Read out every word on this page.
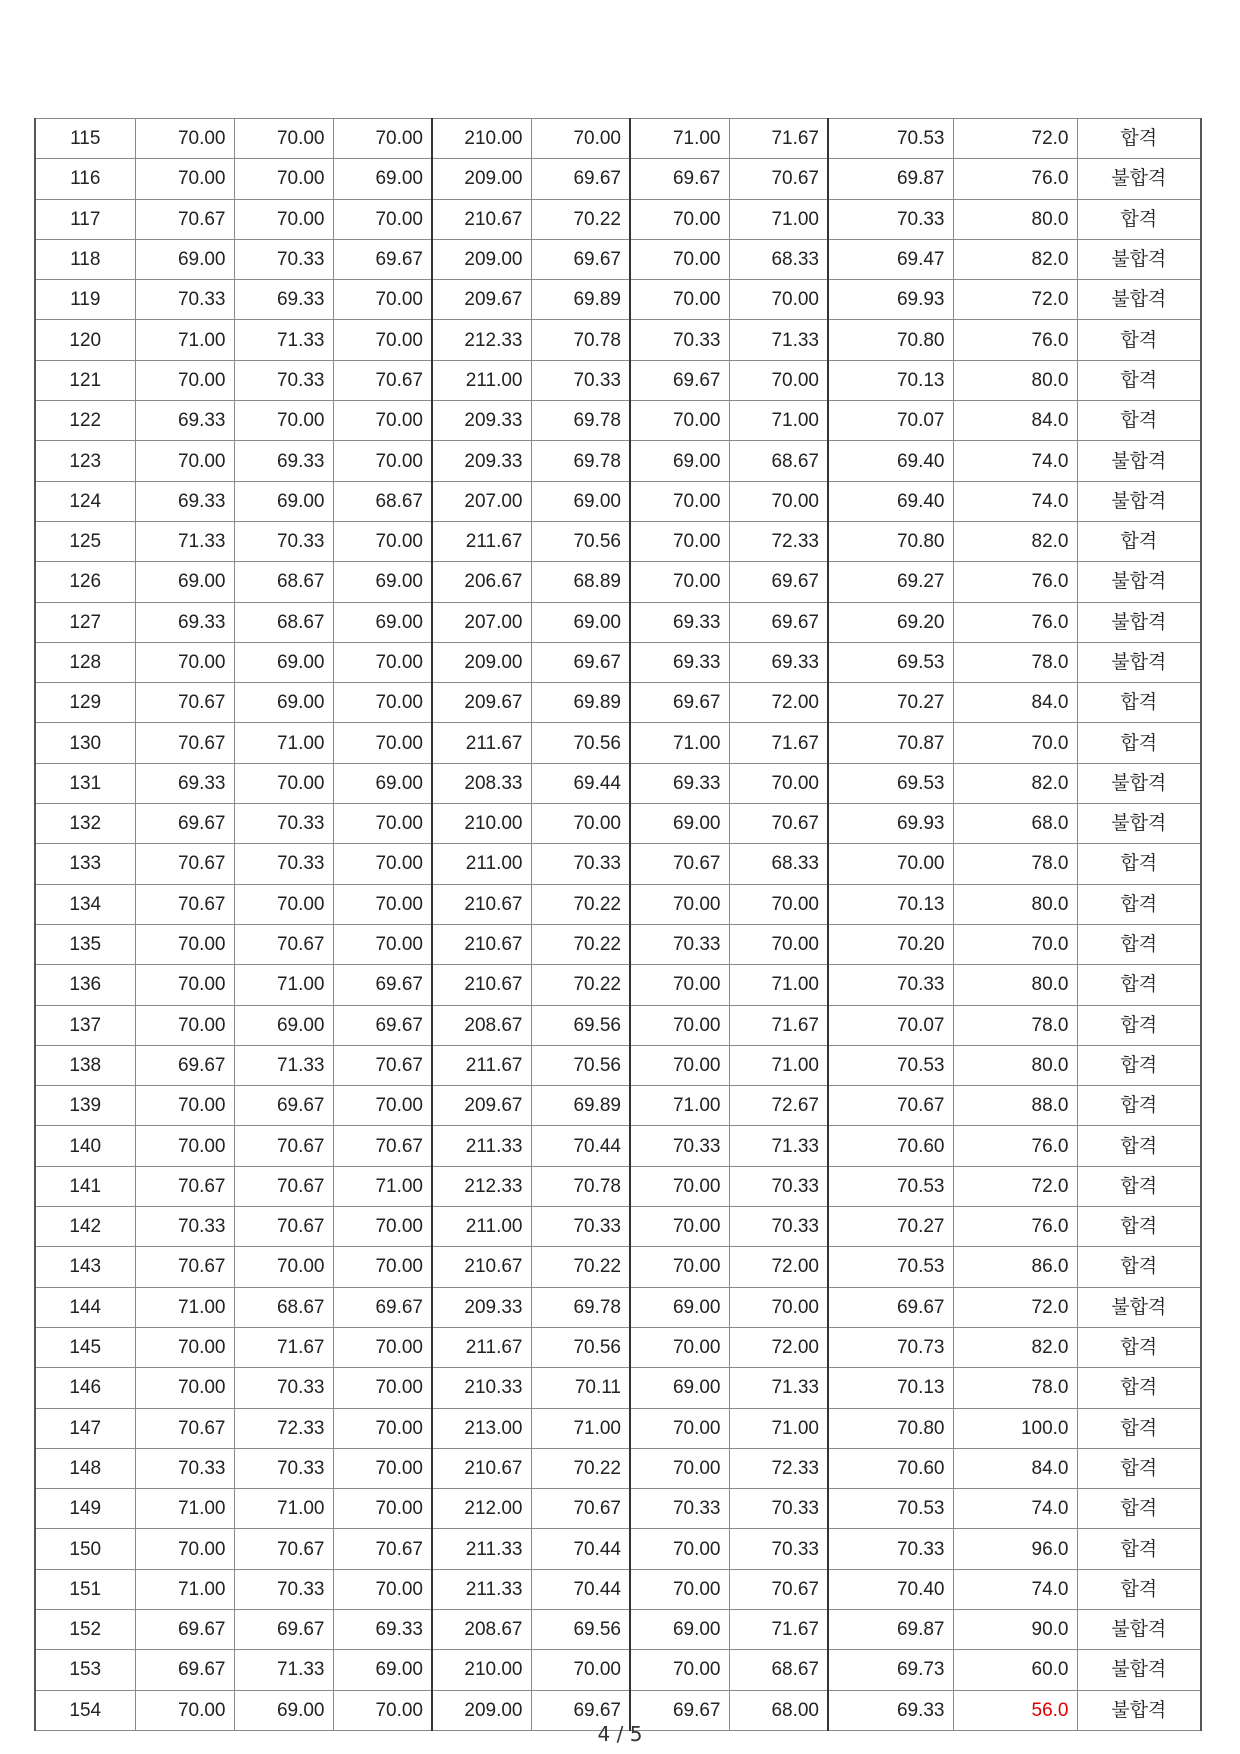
115	70.00	70.00	70.00	210.00	70.00	71.00	71.67	70.53	72.0	합격
116	70.00	70.00	69.00	209.00	69.67	69.67	70.67	69.87	76.0	불합격
117	70.67	70.00	70.00	210.67	70.22	70.00	71.00	70.33	80.0	합격
118	69.00	70.33	69.67	209.00	69.67	70.00	68.33	69.47	82.0	불합격
119	70.33	69.33	70.00	209.67	69.89	70.00	70.00	69.93	72.0	불합격
120	71.00	71.33	70.00	212.33	70.78	70.33	71.33	70.80	76.0	합격
121	70.00	70.33	70.67	211.00	70.33	69.67	70.00	70.13	80.0	합격
122	69.33	70.00	70.00	209.33	69.78	70.00	71.00	70.07	84.0	합격
123	70.00	69.33	70.00	209.33	69.78	69.00	68.67	69.40	74.0	불합격
124	69.33	69.00	68.67	207.00	69.00	70.00	70.00	69.40	74.0	불합격
125	71.33	70.33	70.00	211.67	70.56	70.00	72.33	70.80	82.0	합격
126	69.00	68.67	69.00	206.67	68.89	70.00	69.67	69.27	76.0	불합격
127	69.33	68.67	69.00	207.00	69.00	69.33	69.67	69.20	76.0	불합격
128	70.00	69.00	70.00	209.00	69.67	69.33	69.33	69.53	78.0	불합격
129	70.67	69.00	70.00	209.67	69.89	69.67	72.00	70.27	84.0	합격
130	70.67	71.00	70.00	211.67	70.56	71.00	71.67	70.87	70.0	합격
131	69.33	70.00	69.00	208.33	69.44	69.33	70.00	69.53	82.0	불합격
132	69.67	70.33	70.00	210.00	70.00	69.00	70.67	69.93	68.0	불합격
133	70.67	70.33	70.00	211.00	70.33	70.67	68.33	70.00	78.0	합격
134	70.67	70.00	70.00	210.67	70.22	70.00	70.00	70.13	80.0	합격
135	70.00	70.67	70.00	210.67	70.22	70.33	70.00	70.20	70.0	합격
136	70.00	71.00	69.67	210.67	70.22	70.00	71.00	70.33	80.0	합격
137	70.00	69.00	69.67	208.67	69.56	70.00	71.67	70.07	78.0	합격
138	69.67	71.33	70.67	211.67	70.56	70.00	71.00	70.53	80.0	합격
139	70.00	69.67	70.00	209.67	69.89	71.00	72.67	70.67	88.0	합격
140	70.00	70.67	70.67	211.33	70.44	70.33	71.33	70.60	76.0	합격
141	70.67	70.67	71.00	212.33	70.78	70.00	70.33	70.53	72.0	합격
142	70.33	70.67	70.00	211.00	70.33	70.00	70.33	70.27	76.0	합격
143	70.67	70.00	70.00	210.67	70.22	70.00	72.00	70.53	86.0	합격
144	71.00	68.67	69.67	209.33	69.78	69.00	70.00	69.67	72.0	불합격
145	70.00	71.67	70.00	211.67	70.56	70.00	72.00	70.73	82.0	합격
146	70.00	70.33	70.00	210.33	70.11	69.00	71.33	70.13	78.0	합격
147	70.67	72.33	70.00	213.00	71.00	70.00	71.00	70.80	100.0	합격
148	70.33	70.33	70.00	210.67	70.22	70.00	72.33	70.60	84.0	합격
149	71.00	71.00	70.00	212.00	70.67	70.33	70.33	70.53	74.0	합격
150	70.00	70.67	70.67	211.33	70.44	70.00	70.33	70.33	96.0	합격
151	71.00	70.33	70.00	211.33	70.44	70.00	70.67	70.40	74.0	합격
152	69.67	69.67	69.33	208.67	69.56	69.00	71.67	69.87	90.0	불합격
153	69.67	71.33	69.00	210.00	70.00	70.00	68.67	69.73	60.0	불합격
154	70.00	69.00	70.00	209.00	69.67	69.67	68.00	69.33	56.0	불합격
4 / 5
